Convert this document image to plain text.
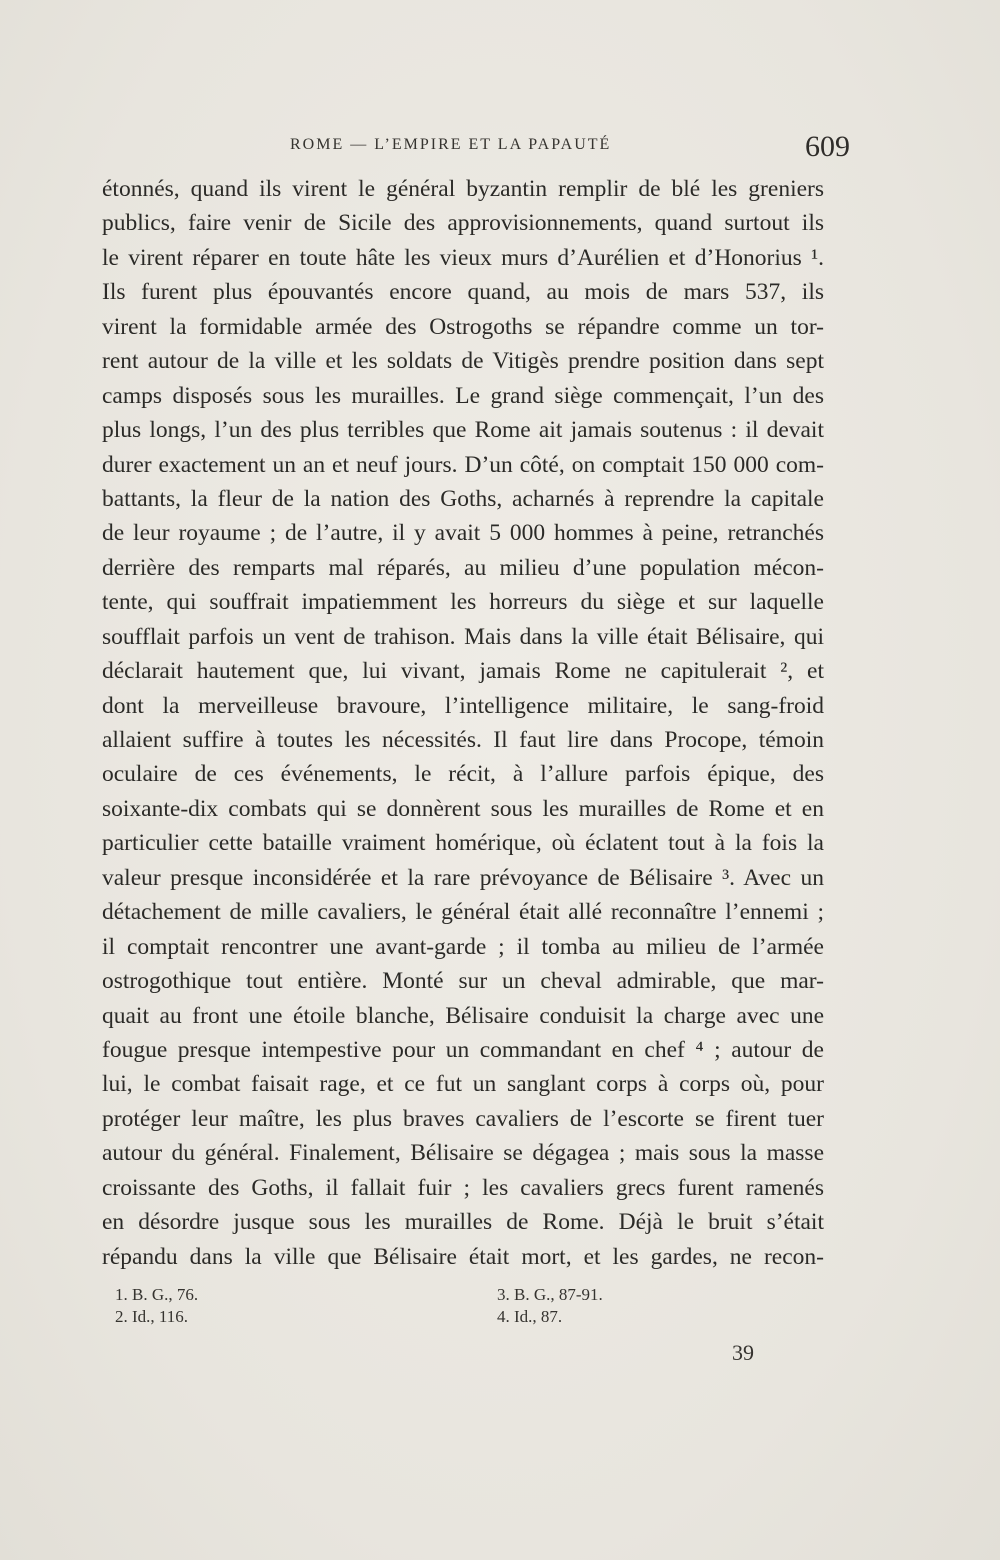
ROME — L’EMPIRE ET LA PAPAUTÉ	609
étonnés, quand ils virent le général byzantin remplir de blé les greniers
publics, faire venir de Sicile des approvisionnements, quand surtout ils
le virent réparer en toute hâte les vieux murs d’Aurélien et d’Honorius ¹.
Ils furent plus épouvantés encore quand, au mois de mars 537, ils
virent la formidable armée des Ostrogoths se répandre comme un tor-
rent autour de la ville et les soldats de Vitigès prendre position dans sept
camps disposés sous les murailles. Le grand siège commençait, l’un des
plus longs, l’un des plus terribles que Rome ait jamais soutenus : il devait
durer exactement un an et neuf jours. D’un côté, on comptait 150 000 com-
battants, la fleur de la nation des Goths, acharnés à reprendre la capitale
de leur royaume ; de l’autre, il y avait 5 000 hommes à peine, retranchés
derrière des remparts mal réparés, au milieu d’une population mécon-
tente, qui souffrait impatiemment les horreurs du siège et sur laquelle
soufflait parfois un vent de trahison. Mais dans la ville était Bélisaire, qui
déclarait hautement que, lui vivant, jamais Rome ne capitulerait ², et
dont la merveilleuse bravoure, l’intelligence militaire, le sang-froid
allaient suffire à toutes les nécessités. Il faut lire dans Procope, témoin
oculaire de ces événements, le récit, à l’allure parfois épique, des
soixante-dix combats qui se donnèrent sous les murailles de Rome et en
particulier cette bataille vraiment homérique, où éclatent tout à la fois la
valeur presque inconsidérée et la rare prévoyance de Bélisaire ³. Avec un
détachement de mille cavaliers, le général était allé reconnaître l’ennemi ;
il comptait rencontrer une avant-garde ; il tomba au milieu de l’armée
ostrogothique tout entière. Monté sur un cheval admirable, que mar-
quait au front une étoile blanche, Bélisaire conduisit la charge avec une
fougue presque intempestive pour un commandant en chef ⁴ ; autour de
lui, le combat faisait rage, et ce fut un sanglant corps à corps où, pour
protéger leur maître, les plus braves cavaliers de l’escorte se firent tuer
autour du général. Finalement, Bélisaire se dégagea ; mais sous la masse
croissante des Goths, il fallait fuir ; les cavaliers grecs furent ramenés
en désordre jusque sous les murailles de Rome. Déjà le bruit s’était
répandu dans la ville que Bélisaire était mort, et les gardes, ne recon-
1. B. G., 76.
2. Id., 116.
3. B. G., 87-91.
4. Id., 87.
39
